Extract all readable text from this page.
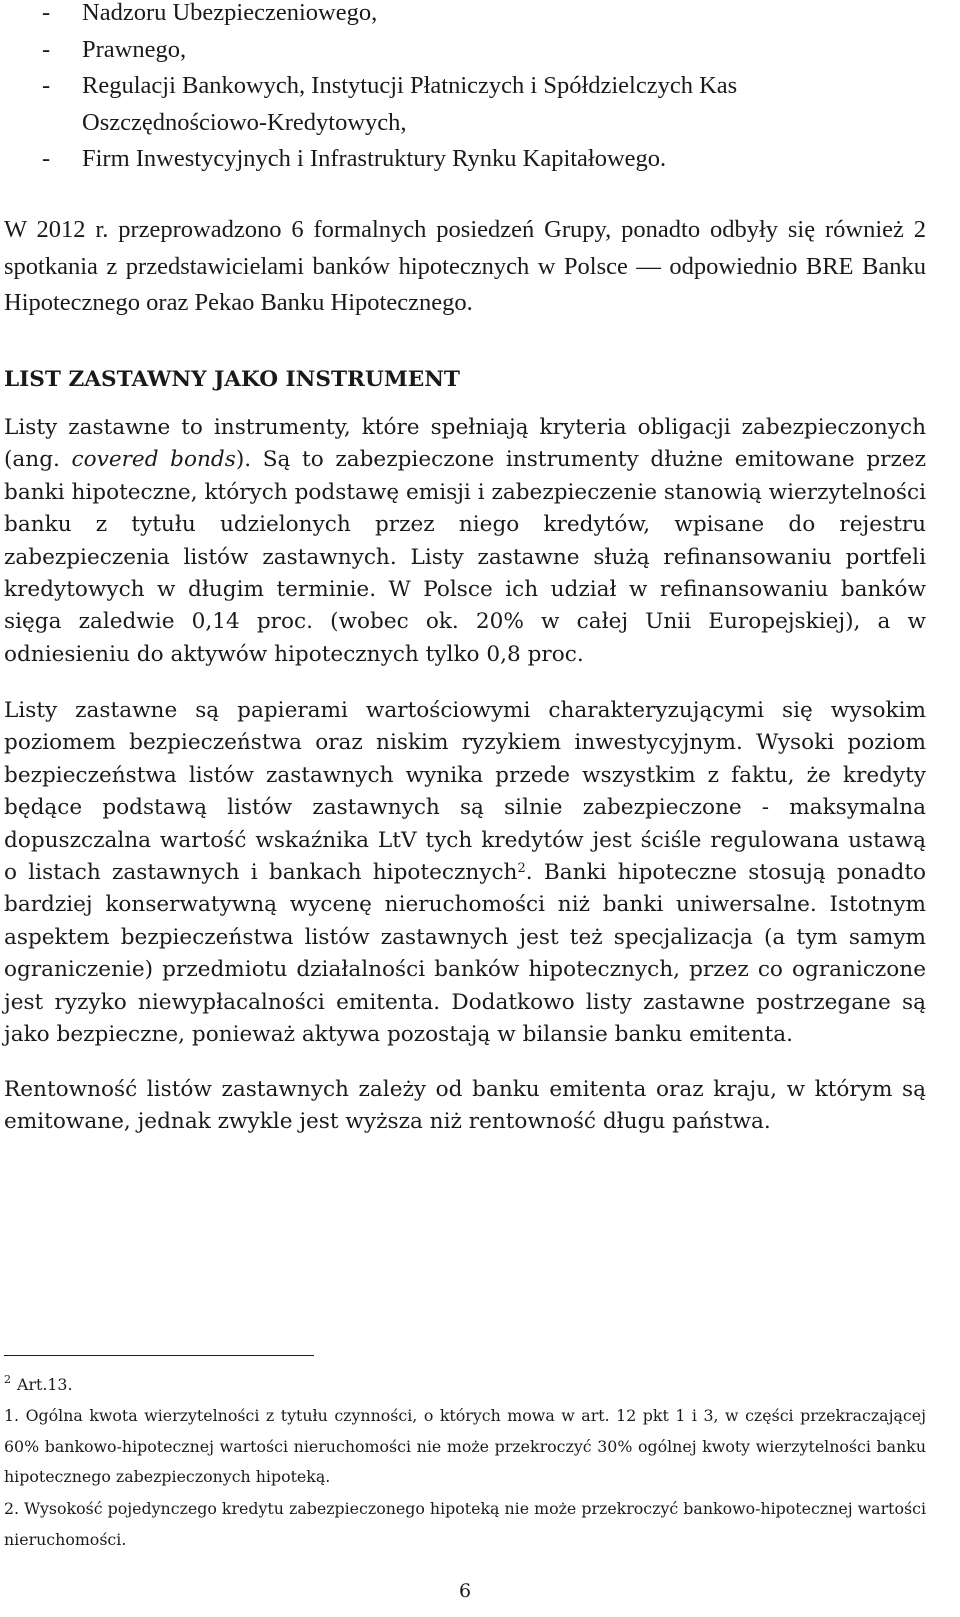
- Nadzoru Ubezpieczeniowego,
- Prawnego,
- Regulacji Bankowych, Instytucji Płatniczych i Spółdzielczych Kas
Oszczędnościowo-Kredytowych,
- Firm Inwestycyjnych i Infrastruktury Rynku Kapitałowego.

W 2012 r. przeprowadzono 6 formalnych posiedzeń Grupy, ponadto odbyły się również 2 spotkania z przedstawicielami banków hipotecznych w Polsce ― odpowiednio BRE Banku Hipotecznego oraz Pekao Banku Hipotecznego.

LIST ZASTAWNY JAKO INSTRUMENT

Listy zastawne to instrumenty, które spełniają kryteria obligacji zabezpieczonych (ang. covered bonds). Są to zabezpieczone instrumenty dłużne emitowane przez banki hipoteczne, których podstawę emisji i zabezpieczenie stanowią wierzytelności banku z tytułu udzielonych przez niego kredytów, wpisane do rejestru zabezpieczenia listów zastawnych. Listy zastawne służą refinansowaniu portfeli kredytowych w długim terminie. W Polsce ich udział w refinansowaniu banków sięga zaledwie 0,14 proc. (wobec ok. 20% w całej Unii Europejskiej), a w odniesieniu do aktywów hipotecznych tylko 0,8 proc.

Listy zastawne są papierami wartościowymi charakteryzującymi się wysokim poziomem bezpieczeństwa oraz niskim ryzykiem inwestycyjnym. Wysoki poziom bezpieczeństwa listów zastawnych wynika przede wszystkim z faktu, że kredyty będące podstawą listów zastawnych są silnie zabezpieczone - maksymalna dopuszczalna wartość wskaźnika LtV tych kredytów jest ściśle regulowana ustawą o listach zastawnych i bankach hipotecznych$^2$. Banki hipoteczne stosują ponadto bardziej konserwatywną wycenę nieruchomości niż banki uniwersalne. Istotnym aspektem bezpieczeństwa listów zastawnych jest też specjalizacja (a tym samym ograniczenie) przedmiotu działalności banków hipotecznych, przez co ograniczone jest ryzyko niewypłacalności emitenta. Dodatkowo listy zastawne postrzegane są jako bezpieczne, ponieważ aktywa pozostają w bilansie banku emitenta.

Rentowność listów zastawnych zależy od banku emitenta oraz kraju, w którym są emitowane, jednak zwykle jest wyższa niż rentowność długu państwa.

$^2$ Art.13.

1. Ogólna kwota wierzytelności z tytułu czynności, o których mowa w art. 12 pkt 1 i 3, w części przekraczającej 60% bankowo-hipotecznej wartości nieruchomości nie może przekroczyć 30% ogólnej kwoty wierzytelności banku hipotecznego zabezpieczonych hipoteką.

2. Wysokość pojedynczego kredytu zabezpieczonego hipoteką nie może przekroczyć bankowo-hipotecznej wartości nieruchomości.

6
